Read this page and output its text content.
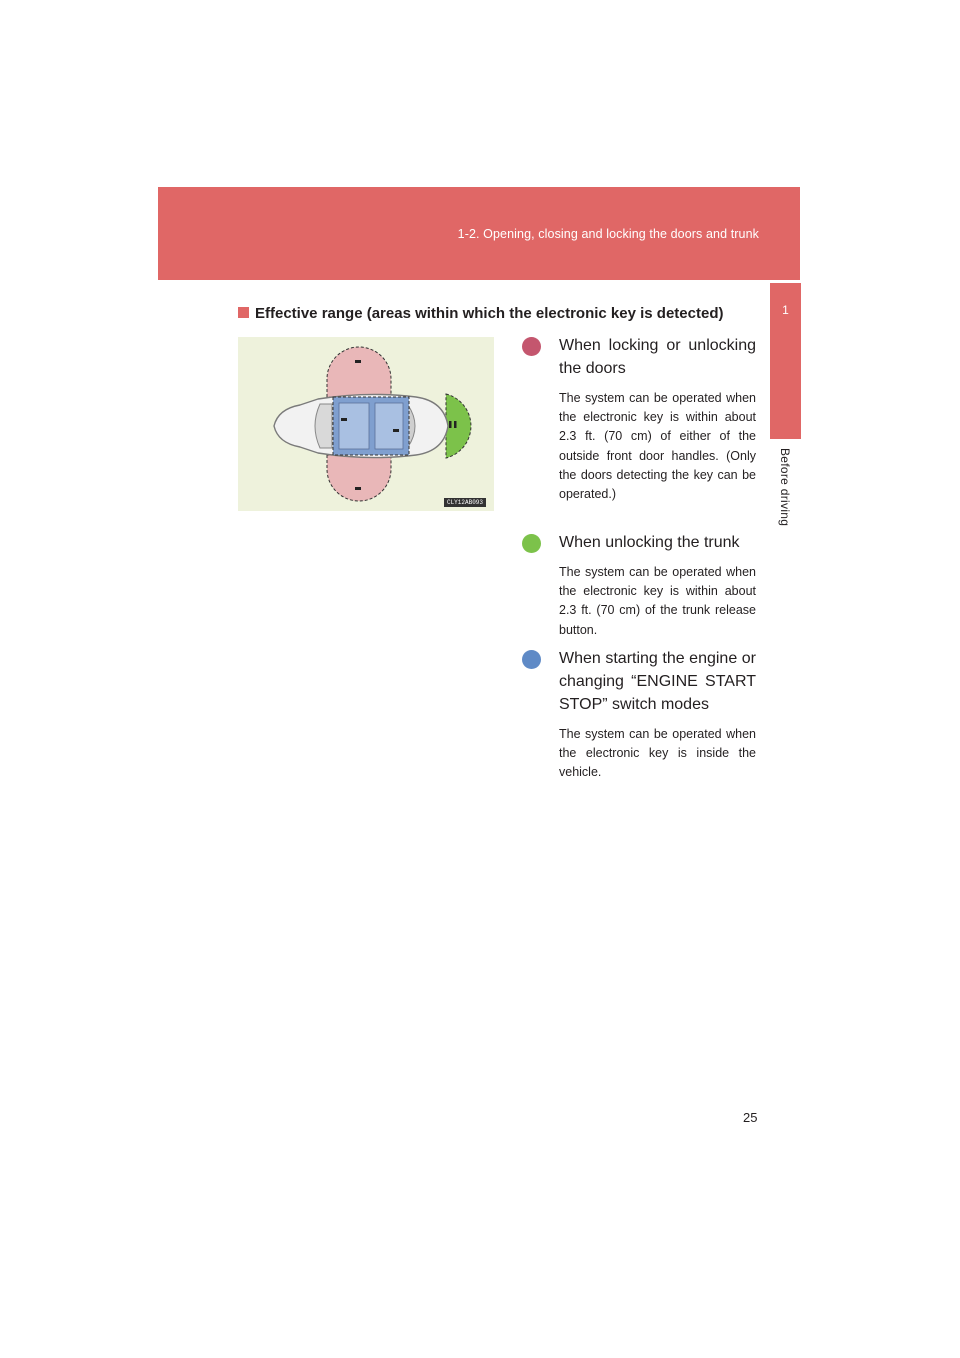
1-2. Opening, closing and locking the doors and trunk
1
Before driving
Effective range (areas within which the electronic key is detected)
CLY12AB093
When locking or unlocking the doors
The system can be operated when the electronic key is within about 2.3 ft. (70 cm) of either of the outside front door handles. (Only the doors detecting the key can be operated.)
When unlocking the trunk
The system can be operated when the electronic key is within about 2.3 ft. (70 cm) of the trunk release button.
When starting the engine or changing “ENGINE START STOP” switch modes
The system can be operated when the electronic key is inside the vehicle.
25
